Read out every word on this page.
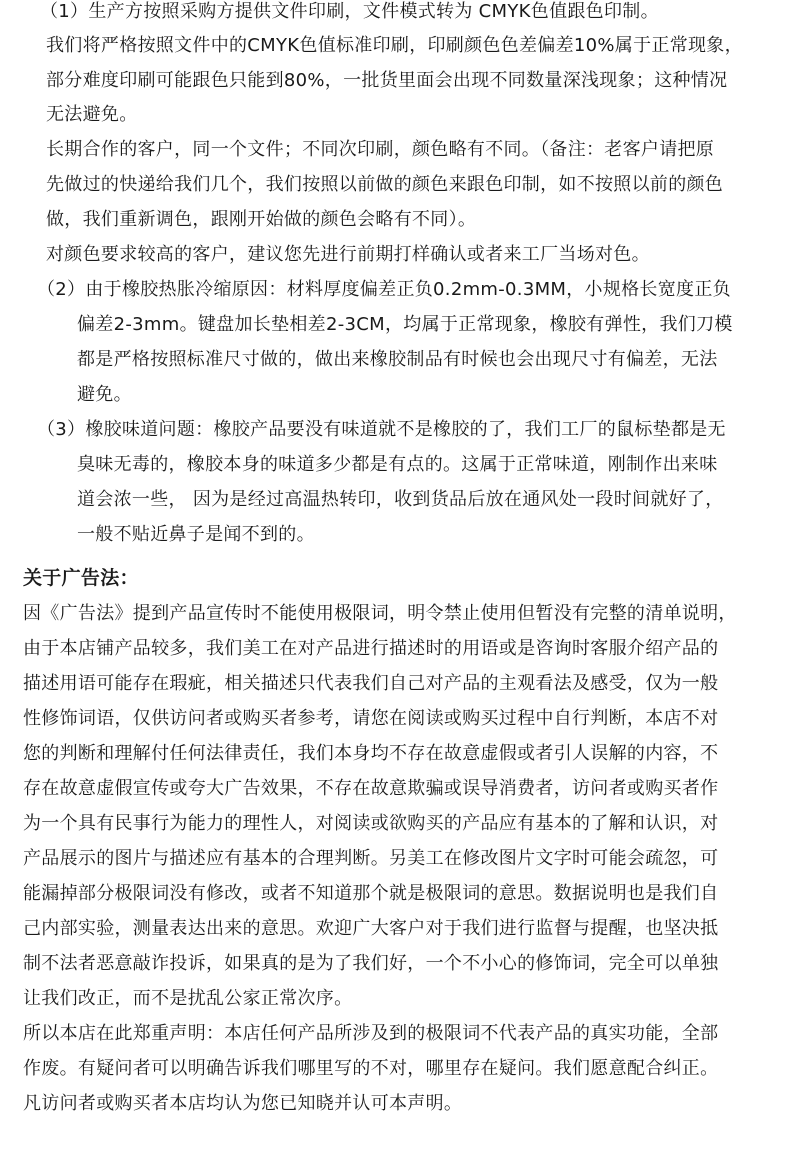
（1）生产方按照采购方提供文件印刷，文件模式转为 CMYK色值跟色印制。
我们将严格按照文件中的CMYK色值标准印刷，印刷颜色色差偏差10%属于正常现象，
部分难度印刷可能跟色只能到80%，一批货里面会出现不同数量深浅现象；这种情况
无法避免。
长期合作的客户，同一个文件；不同次印刷，颜色略有不同。（备注：老客户请把原
先做过的快递给我们几个，我们按照以前做的颜色来跟色印制，如不按照以前的颜色
做，我们重新调色，跟刚开始做的颜色会略有不同）。
对颜色要求较高的客户，建议您先进行前期打样确认或者来工厂当场对色。
（2）由于橡胶热胀冷缩原因：材料厚度偏差正负0.2mm-0.3MM，小规格长宽度正负
偏差2-3mm。键盘加长垫相差2-3CM，均属于正常现象，橡胶有弹性，我们刀模
都是严格按照标准尺寸做的，做出来橡胶制品有时候也会出现尺寸有偏差，无法
避免。
（3）橡胶味道问题：橡胶产品要没有味道就不是橡胶的了，我们工厂的鼠标垫都是无
臭味无毒的，橡胶本身的味道多少都是有点的。这属于正常味道，刚制作出来味
道会浓一些， 因为是经过高温热转印，收到货品后放在通风处一段时间就好了，
一般不贴近鼻子是闻不到的。
关于广告法：
因《广告法》提到产品宣传时不能使用极限词，明令禁止使用但暂没有完整的清单说明，
由于本店铺产品较多，我们美工在对产品进行描述时的用语或是咨询时客服介绍产品的
描述用语可能存在瑕疵，相关描述只代表我们自己对产品的主观看法及感受，仅为一般
性修饰词语，仅供访问者或购买者参考，请您在阅读或购买过程中自行判断，本店不对
您的判断和理解付任何法律责任，我们本身均不存在故意虚假或者引人误解的内容，不
存在故意虚假宣传或夸大广告效果，不存在故意欺骗或误导消费者，访问者或购买者作
为一个具有民事行为能力的理性人，对阅读或欲购买的产品应有基本的了解和认识，对
产品展示的图片与描述应有基本的合理判断。另美工在修改图片文字时可能会疏忽，可
能漏掉部分极限词没有修改，或者不知道那个就是极限词的意思。数据说明也是我们自
己内部实验，测量表达出来的意思。欢迎广大客户对于我们进行监督与提醒，也坚决抵
制不法者恶意敲诈投诉，如果真的是为了我们好，一个不小心的修饰词，完全可以单独
让我们改正，而不是扰乱公家正常次序。
所以本店在此郑重声明：本店任何产品所涉及到的极限词不代表产品的真实功能，全部
作废。有疑问者可以明确告诉我们哪里写的不对，哪里存在疑问。我们愿意配合纠正。
凡访问者或购买者本店均认为您已知晓并认可本声明。
